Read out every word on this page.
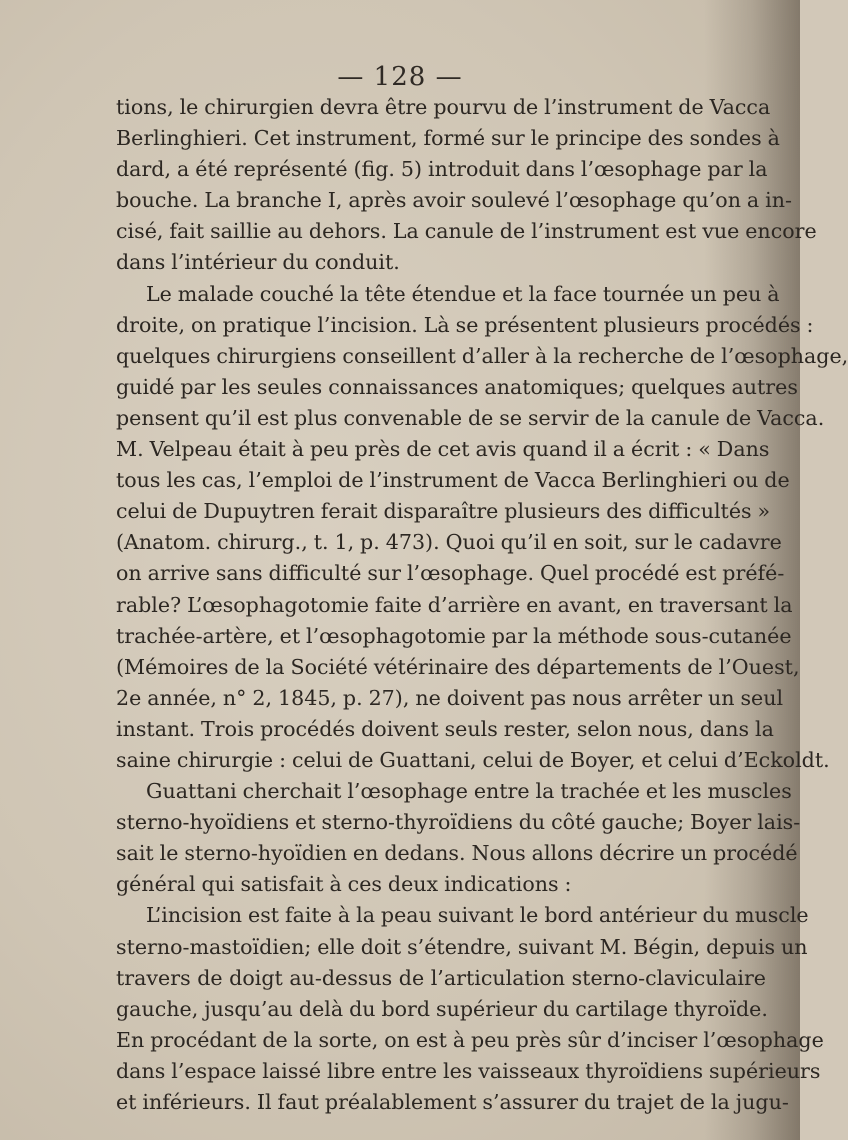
— 128 —
tions, le chirurgien devra être pourvu de l’instrument de Vacca
Berlinghieri. Cet instrument, formé sur le principe des sondes à
dard, a été représenté (fig. 5) introduit dans l’œsophage par la
bouche. La branche I, après avoir soulevé l’œsophage qu’on a in-
cisé, fait saillie au dehors. La canule de l’instrument est vue encore
dans l’intérieur du conduit.
Le malade couché la tête étendue et la face tournée un peu à
droite, on pratique l’incision. Là se présentent plusieurs procédés :
quelques chirurgiens conseillent d’aller à la recherche de l’œsophage,
guidé par les seules connaissances anatomiques; quelques autres
pensent qu’il est plus convenable de se servir de la canule de Vacca.
M. Velpeau était à peu près de cet avis quand il a écrit : « Dans
tous les cas, l’emploi de l’instrument de Vacca Berlinghieri ou de
celui de Dupuytren ferait disparaître plusieurs des difficultés »
(Anatom. chirurg., t. 1, p. 473). Quoi qu’il en soit, sur le cadavre
on arrive sans difficulté sur l’œsophage. Quel procédé est préfé-
rable? L’œsophagotomie faite d’arrière en avant, en traversant la
trachée-artère, et l’œsophagotomie par la méthode sous-cutanée
(Mémoires de la Société vétérinaire des départements de l’Ouest,
2e année, n° 2, 1845, p. 27), ne doivent pas nous arrêter un seul
instant. Trois procédés doivent seuls rester, selon nous, dans la
saine chirurgie : celui de Guattani, celui de Boyer, et celui d’Eckoldt.
Guattani cherchait l’œsophage entre la trachée et les muscles
sterno-hyoïdiens et sterno-thyroïdiens du côté gauche; Boyer lais-
sait le sterno-hyoïdien en dedans. Nous allons décrire un procédé
général qui satisfait à ces deux indications :
L’incision est faite à la peau suivant le bord antérieur du muscle
sterno-mastoïdien; elle doit s’étendre, suivant M. Bégin, depuis un
travers de doigt au-dessus de l’articulation sterno-claviculaire
gauche, jusqu’au delà du bord supérieur du cartilage thyroïde.
En procédant de la sorte, on est à peu près sûr d’inciser l’œsophage
dans l’espace laissé libre entre les vaisseaux thyroïdiens supérieurs
et inférieurs. Il faut préalablement s’assurer du trajet de la jugu-
